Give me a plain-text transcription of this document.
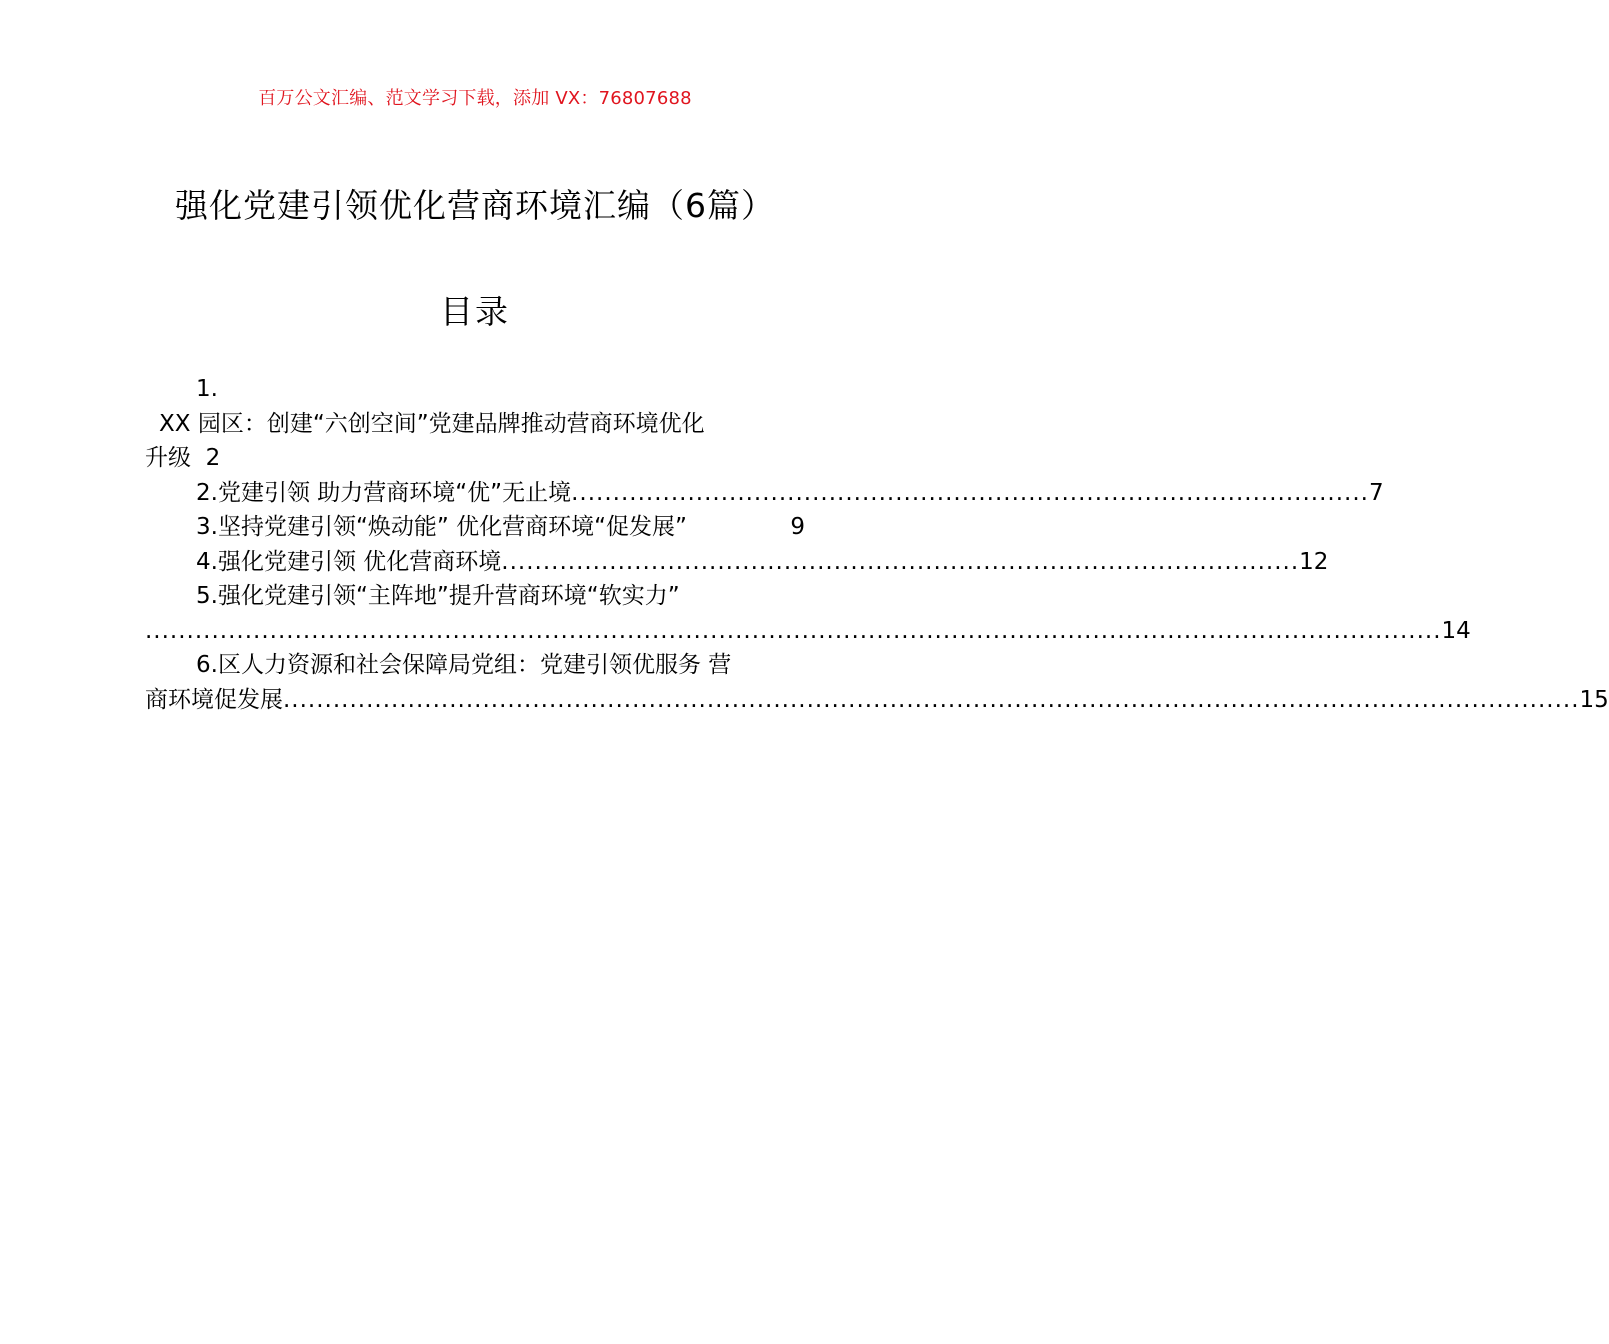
百万公文汇编、范文学习下载，添加 VX：76807688
强化党建引领优化营商环境汇编（6篇）
目录
1.
XX 园区：创建“六创空间”党建品牌推动营商环境优化
升级 2
2.党建引领 助力营商环境“优”无止境 ................................................................................................ 7
3.坚持党建引领“焕动能” 优化营商环境“促发展”	9
4.强化党建引领 优化营商环境 ................................................................................................ 12
5.强化党建引领“主阵地”提升营商环境“软实力”
............................................................................................................................................................ 14
6.区人力资源和社会保障局党组：党建引领优服务 营
商环境促发展 ............................................................................................................................................................ 15
